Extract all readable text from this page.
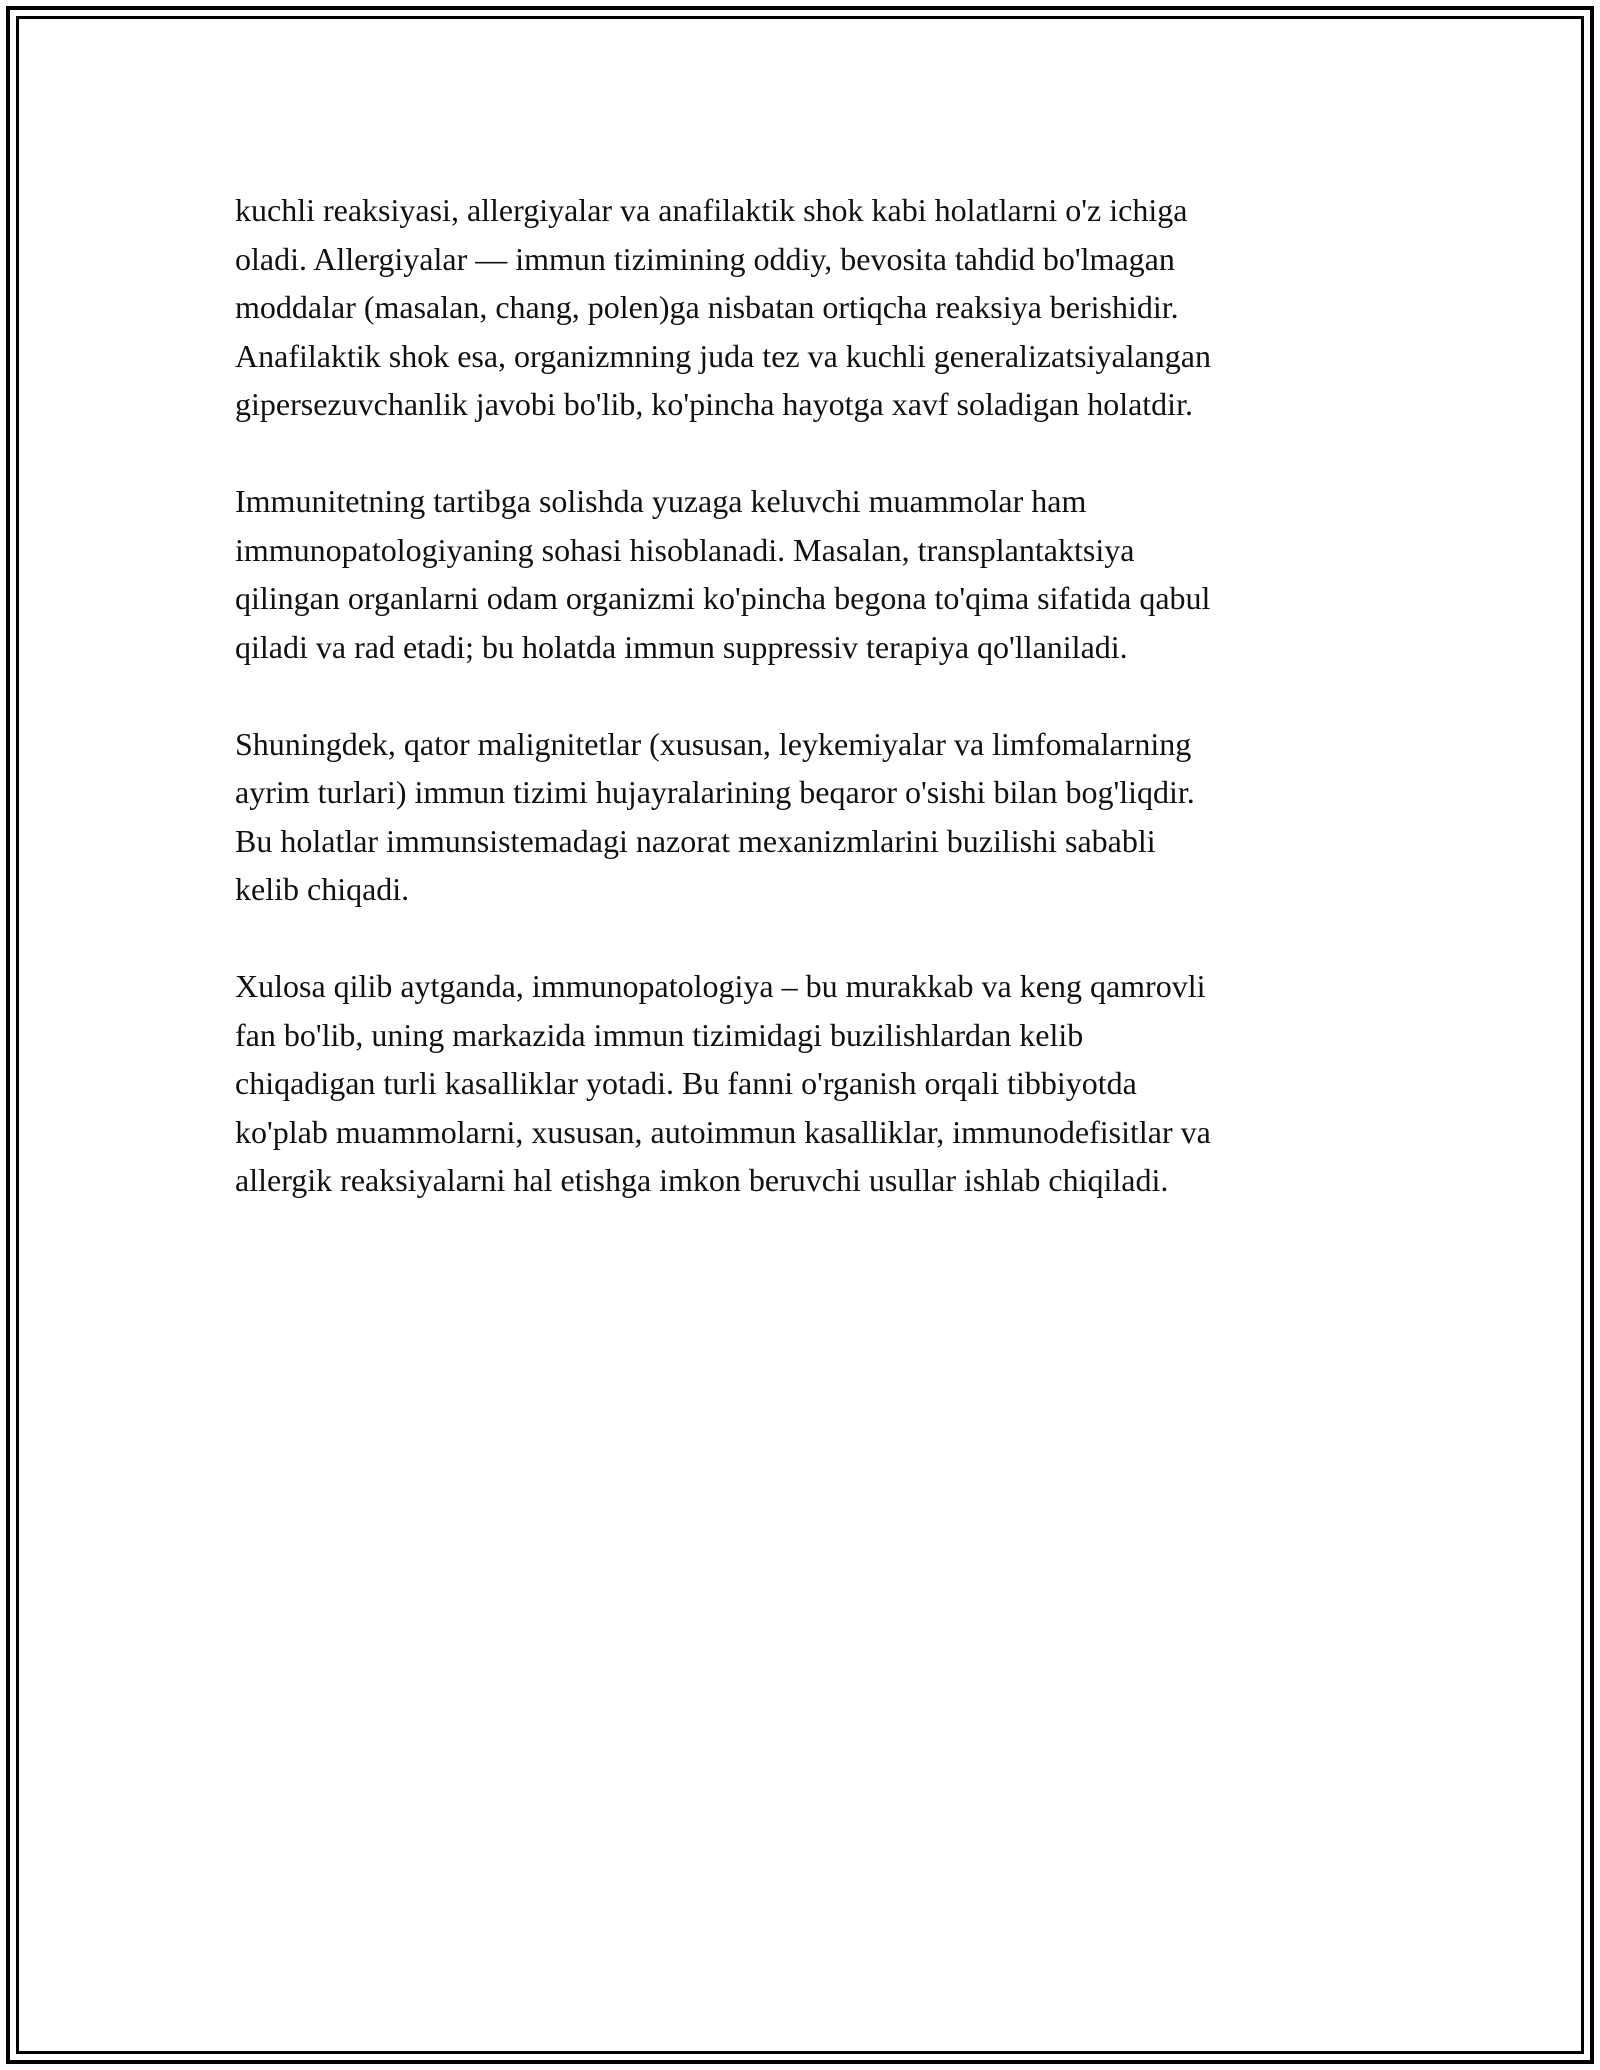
kuchli reaksiyasi, allergiyalar va anafilaktik shok kabi holatlarni o'z ichiga
oladi. Allergiyalar — immun tizimining oddiy, bevosita tahdid bo'lmagan
moddalar (masalan, chang, polen)ga nisbatan ortiqcha reaksiya berishidir.
Anafilaktik shok esa, organizmning juda tez va kuchli generalizatsiyalangan
gipersezuvchanlik javobi bo'lib, ko'pincha hayotga xavf soladigan holatdir.

Immunitetning tartibga solishda yuzaga keluvchi muammolar ham
immunopatologiyaning sohasi hisoblanadi. Masalan, transplantaktsiya
qilingan organlarni odam organizmi ko'pincha begona to'qima sifatida qabul
qiladi va rad etadi; bu holatda immun suppressiv terapiya qo'llaniladi.

Shuningdek, qator malignitetlar (xususan, leykemiyalar va limfomalarning
ayrim turlari) immun tizimi hujayralarining beqaror o'sishi bilan bog'liqdir.
Bu holatlar immunsistemadagi nazorat mexanizmlarini buzilishi sababli
kelib chiqadi.

Xulosa qilib aytganda, immunopatologiya – bu murakkab va keng qamrovli
fan bo'lib, uning markazida immun tizimidagi buzilishlardan kelib
chiqadigan turli kasalliklar yotadi. Bu fanni o'rganish orqali tibbiyotda
ko'plab muammolarni, xususan, autoimmun kasalliklar, immunodefisitlar va
allergik reaksiyalarni hal etishga imkon beruvchi usullar ishlab chiqiladi.
